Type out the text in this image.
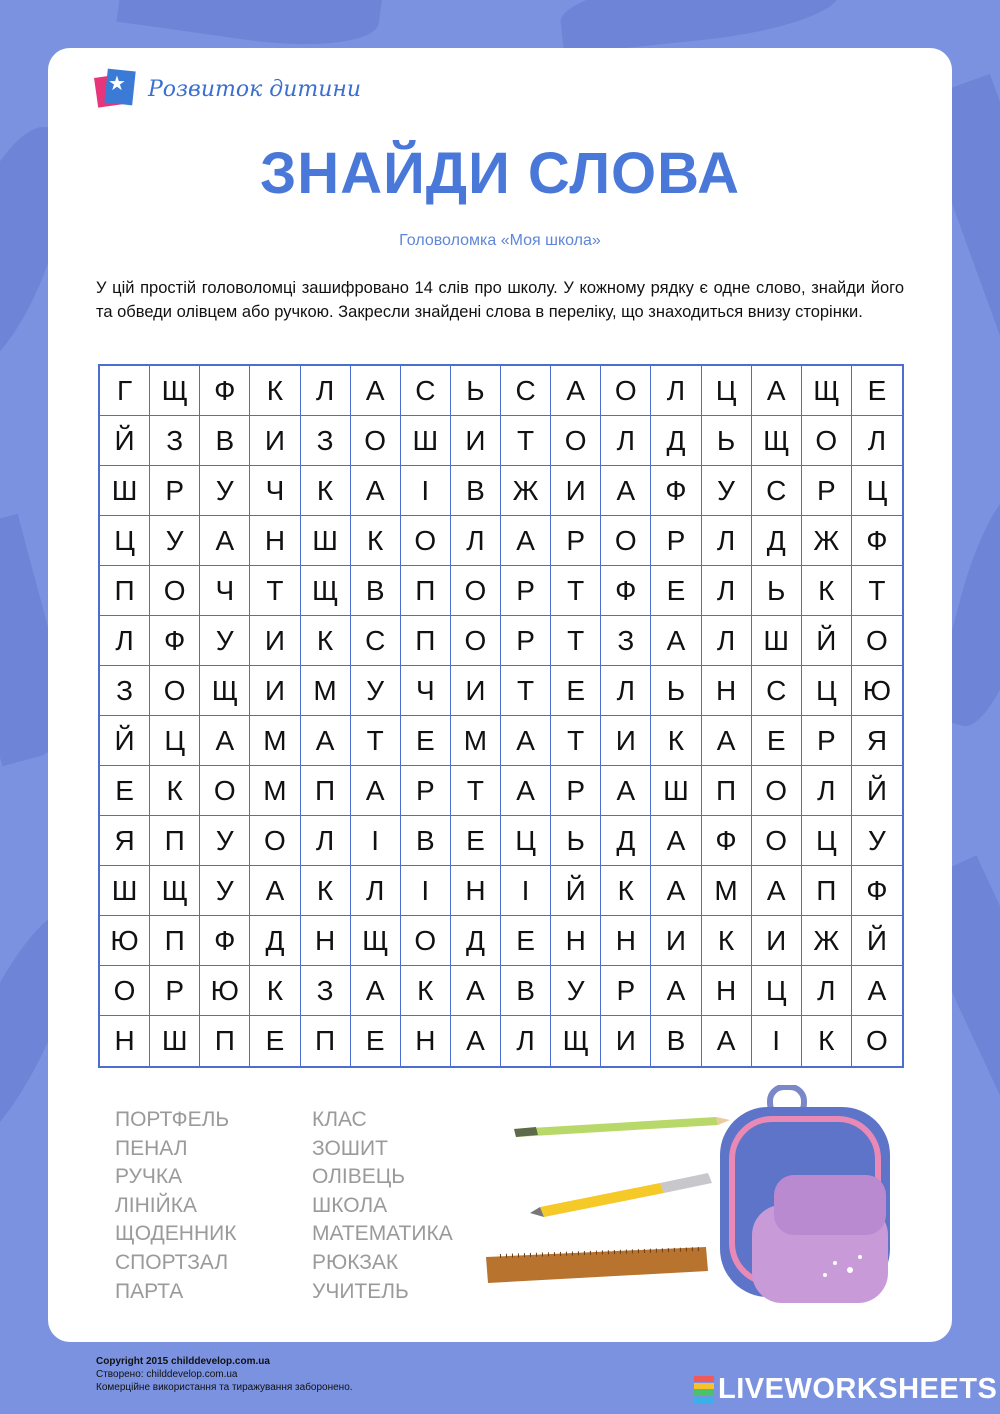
★ Розвиток дитини
ЗНАЙДИ СЛОВА
Головоломка «Моя школа»
У цій простій головоломці зашифровано 14 слів про школу. У кожному рядку є одне слово, знайди його та обведи олівцем або ручкою. Закресли знайдені слова в переліку, що знаходиться внизу сторінки.
Г	Щ Ф	К	Л	А	С	Ь	С	А	О	Л	Ц	А Щ	Е
Й	З	В	И	З	О Ш И	Т	О	Л	Д	Ь Щ О	Л
Ш Р	У	Ч	К	А	І	В Ж И	А	Ф	У	С	Р	Ц
Ц	У	А	Н Ш	К	О	Л	А	Р	О	Р	Л	Д Ж Ф
П	О	Ч	Т	Щ В	П	О	Р	Т	Ф	Е	Л	Ь	К	Т
Л	Ф	У	И	К	С	П	О	Р	Т	З	А	Л	Ш Й	О
З	О Щ И	М	У	Ч	И	Т	Е	Л	Ь	Н	С	Ц Ю
Й	Ц	А	М	А	Т	Е	М	А	Т	И	К	А	Е	Р	Я
Е	К	О М	П	А	Р	Т	А	Р	А Ш П	О	Л	Й
Я	П	У	О	Л	І	В	Е	Ц	Ь	Д	А	Ф	О	Ц	У
Ш Щ	У	А	К	Л	І	Н	І	Й	К	А	М	А	П	Ф
Ю П	Ф	Д	Н Щ О	Д	Е	Н	Н	И	К	И Ж Й
О	Р Ю К	З	А	К	А	В	У	Р	А	Н	Ц	Л	А
Н Ш П	Е	П	Е	Н	А	Л Щ И	В	А	І	К	О
ПОРТФЕЛЬ
ПЕНАЛ
РУЧКА
ЛІНІЙКА
ЩОДЕННИК
СПОРТЗАЛ
ПАРТА
КЛАС
ЗОШИТ
ОЛІВЕЦЬ
ШКОЛА
МАТЕМАТИКА
РЮКЗАК
УЧИТЕЛЬ
Copyright 2015 childdevelop.com.ua
Створено: childdevelop.com.ua
Комерційне використання та тиражування заборонено.	LIVEWORKSHEETS
